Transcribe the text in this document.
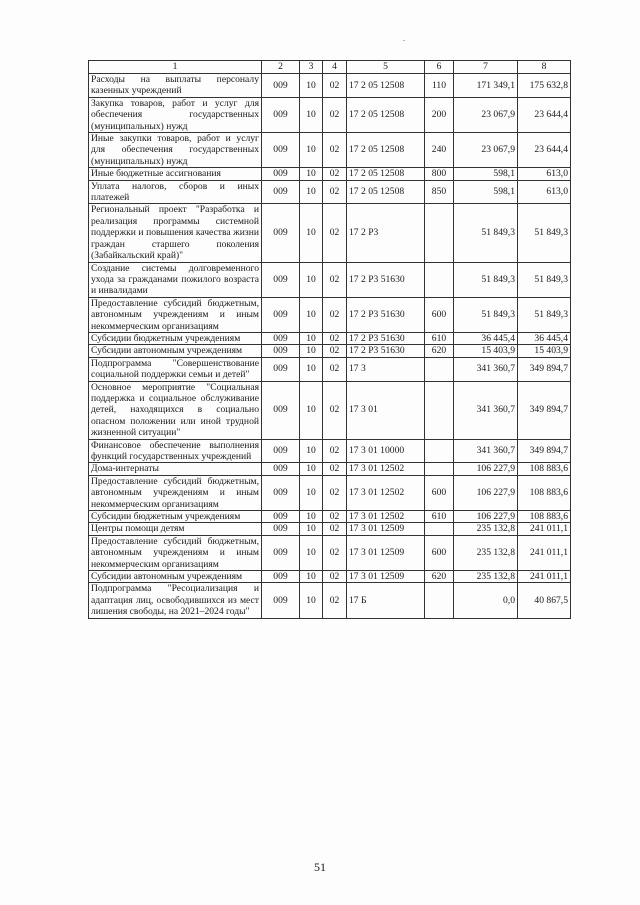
1	2	3	4	5	6	7	8
Расходы на выплаты персоналу казенных учреждений	009	10	02	17 2 05 12508	110	171 349,1	175 632,8
Закупка товаров, работ и услуг для обеспечения государственных (муниципальных) нужд	009	10	02	17 2 05 12508	200	23 067,9	23 644,4
Иные закупки товаров, работ и услуг для обеспечения государственных (муниципальных) нужд	009	10	02	17 2 05 12508	240	23 067,9	23 644,4
Иные бюджетные ассигнования	009	10	02	17 2 05 12508	800	598,1	613,0
Уплата налогов, сборов и иных платежей	009	10	02	17 2 05 12508	850	598,1	613,0
Региональный проект "Разработка и реализация программы системной поддержки и повышения качества жизни граждан старшего поколения (Забайкальский край)"	009	10	02	17 2 P3		51 849,3	51 849,3
Создание системы долговременного ухода за гражданами пожилого возраста и инвалидами	009	10	02	17 2 P3 51630		51 849,3	51 849,3
Предоставление субсидий бюджетным, автономным учреждениям и иным некоммерческим организациям	009	10	02	17 2 P3 51630	600	51 849,3	51 849,3
Субсидии бюджетным учреждениям	009	10	02	17 2 P3 51630	610	36 445,4	36 445,4
Субсидии автономным учреждениям	009	10	02	17 2 P3 51630	620	15 403,9	15 403,9
Подпрограмма "Совершенствование социальной поддержки семьи и детей"	009	10	02	17 3		341 360,7	349 894,7
Основное мероприятие "Социальная поддержка и социальное обслуживание детей, находящихся в социально опасном положении или иной трудной жизненной ситуации"	009	10	02	17 3 01		341 360,7	349 894,7
Финансовое обеспечение выполнения функций государственных учреждений	009	10	02	17 3 01 10000		341 360,7	349 894,7
Дома-интернаты	009	10	02	17 3 01 12502		106 227,9	108 883,6
Предоставление субсидий бюджетным, автономным учреждениям и иным некоммерческим организациям	009	10	02	17 3 01 12502	600	106 227,9	108 883,6
Субсидии бюджетным учреждениям	009	10	02	17 3 01 12502	610	106 227,9	108 883,6
Центры помощи детям	009	10	02	17 3 01 12509		235 132,8	241 011,1
Предоставление субсидий бюджетным, автономным учреждениям и иным некоммерческим организациям	009	10	02	17 3 01 12509	600	235 132,8	241 011,1
Субсидии автономным учреждениям	009	10	02	17 3 01 12509	620	235 132,8	241 011,1
Подпрограмма "Ресоциализация и адаптация лиц, освободившихся из мест лишения свободы, на 2021–2024 годы"	009	10	02	17 Б		0,0	40 867,5
51
